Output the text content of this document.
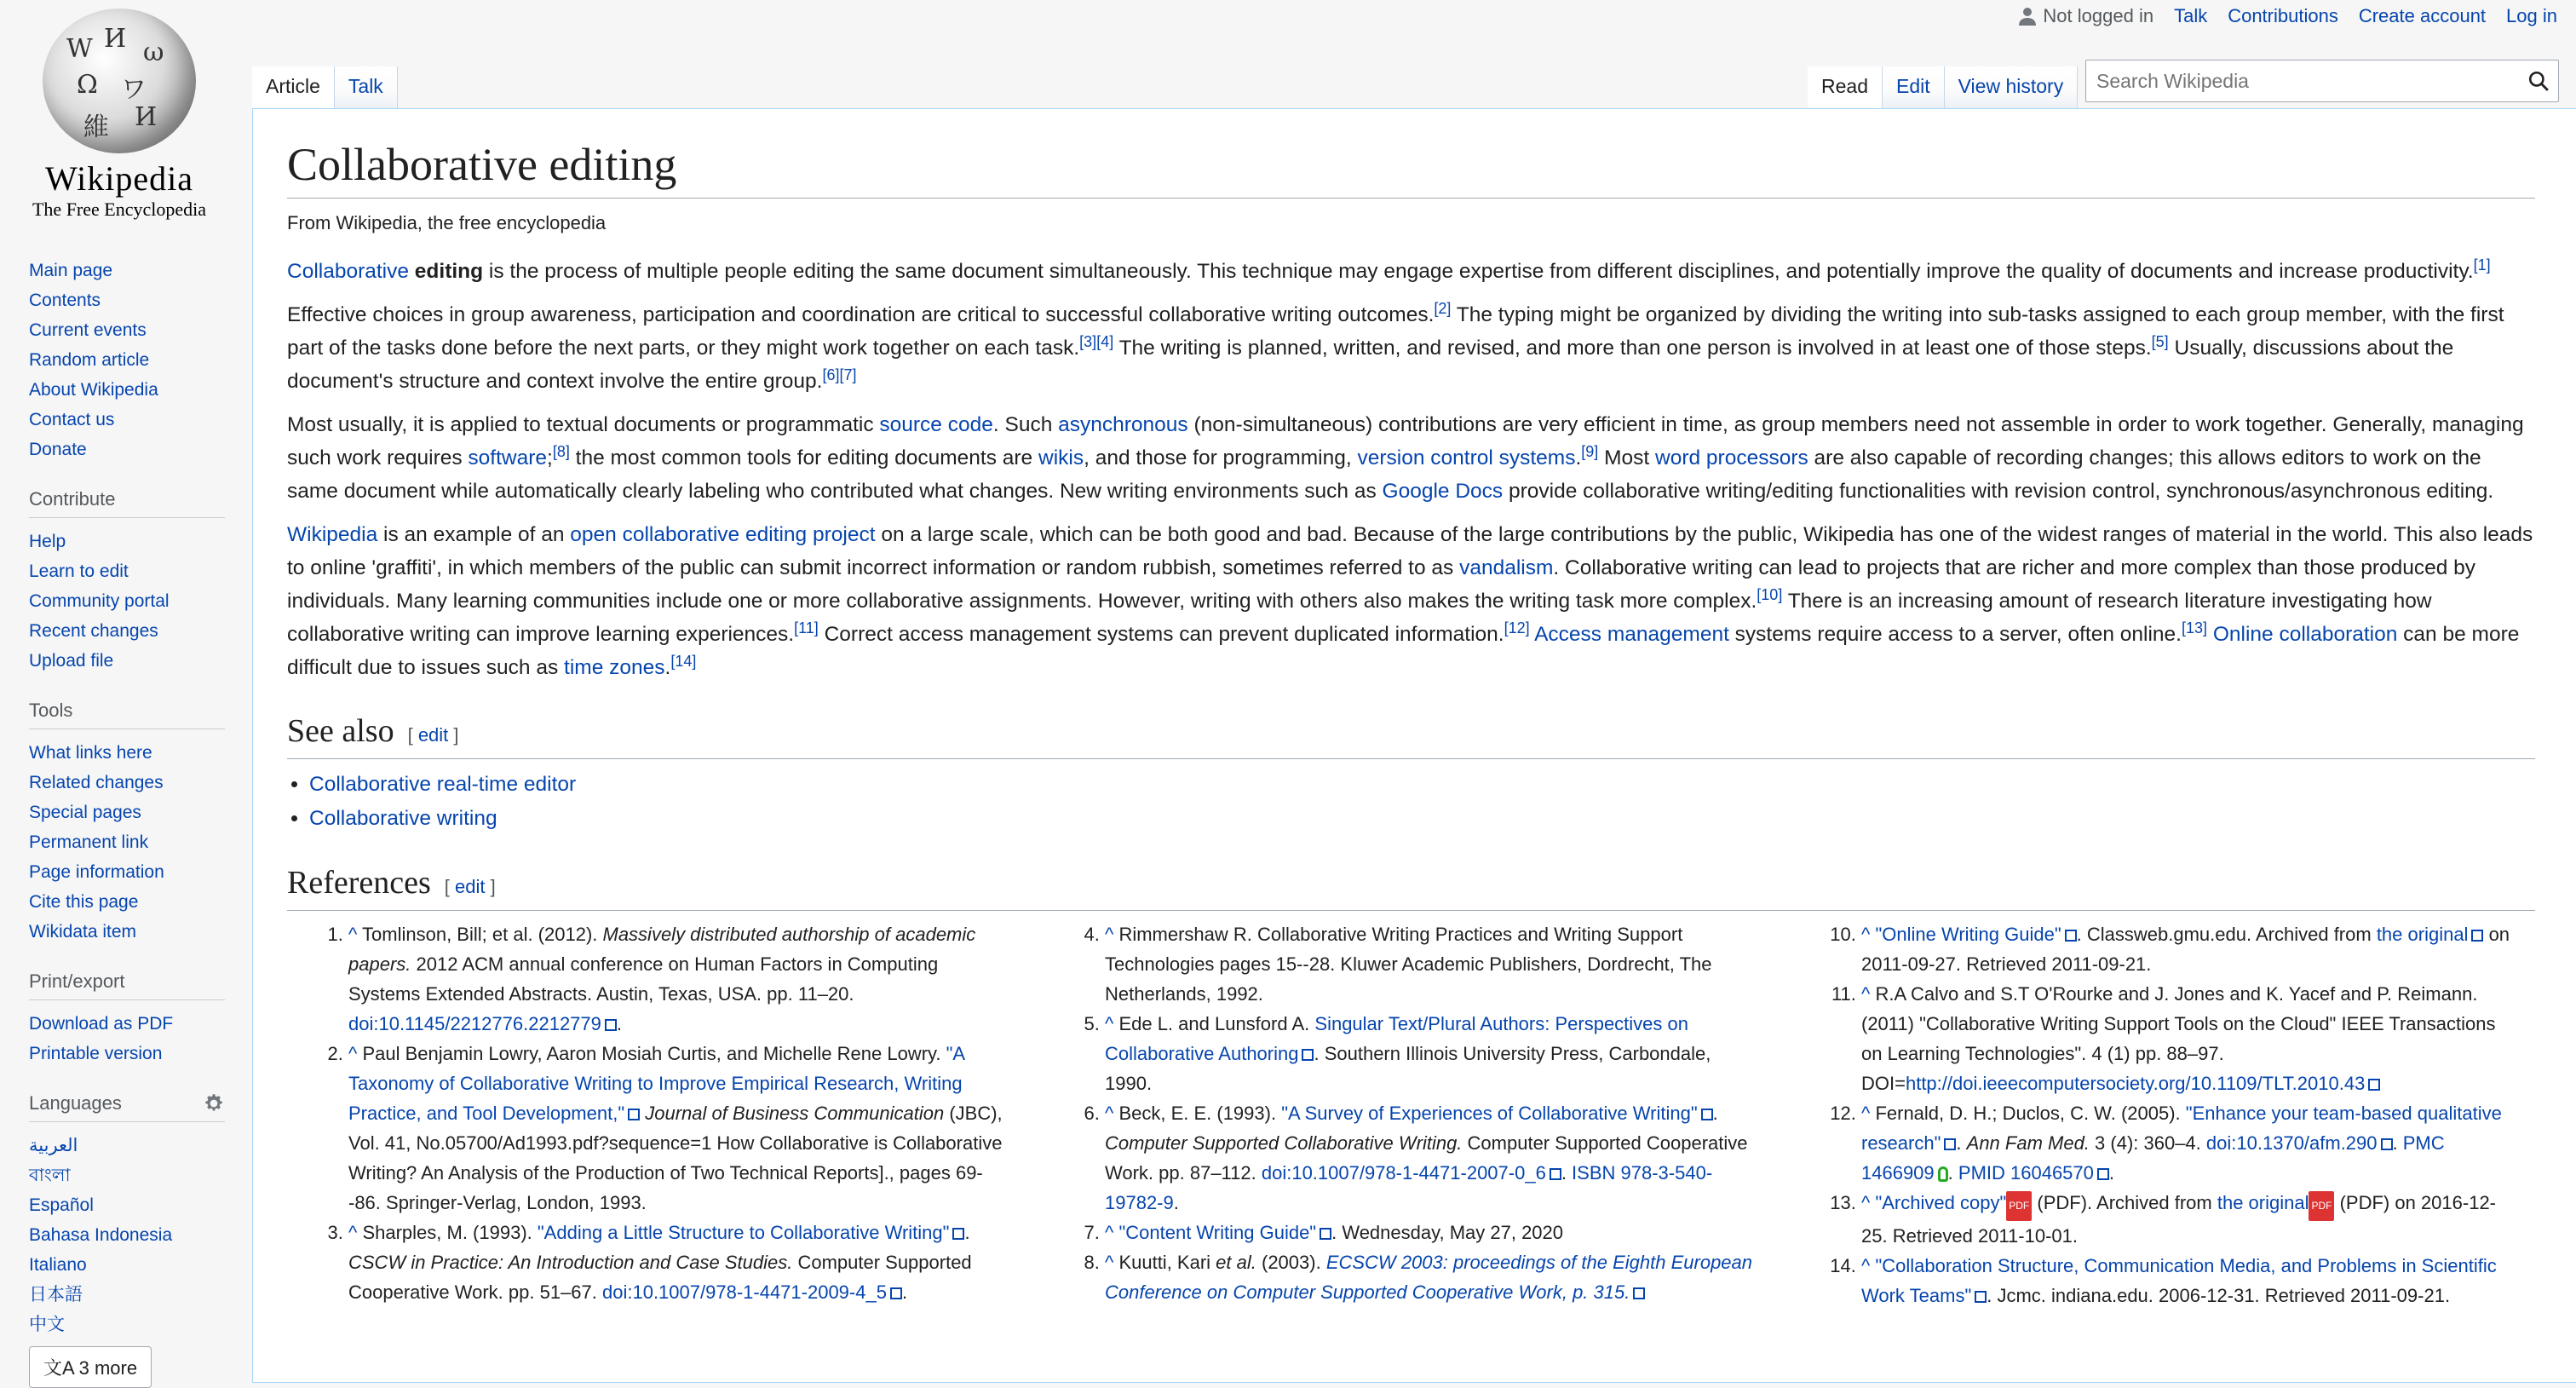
W И ω
Ω ワ
維 И
Wikipedia
The Free Encyclopedia
Main page
Contents
Current events
Random article
About Wikipedia
Contact us
Donate
Contribute
Help
Learn to edit
Community portal
Recent changes
Upload file
Tools
What links here
Related changes
Special pages
Permanent link
Page information
Cite this page
Wikidata item
Print/export
Download as PDF
Printable version
Languages
العربية
বাংলা
Español
Bahasa Indonesia
Italiano
日本語
中文
文A 3 more
Not logged in Talk Contributions Create account Log in
Article	Talk	Read	Edit	View history
Search Wikipedia
Collaborative editing
From Wikipedia, the free encyclopedia

Collaborative editing is the process of multiple people editing the same document simultaneously. This technique may engage expertise from different disciplines, and potentially improve the quality of documents and increase productivity.[1]

Effective choices in group awareness, participation and coordination are critical to successful collaborative writing outcomes.[2] The typing might be organized by dividing the writing into sub-tasks assigned to each group member, with the first part of the tasks done before the next parts, or they might work together on each task.[3][4] The writing is planned, written, and revised, and more than one person is involved in at least one of those steps.[5] Usually, discussions about the document's structure and context involve the entire group.[6][7]

Most usually, it is applied to textual documents or programmatic source code. Such asynchronous (non-simultaneous) contributions are very efficient in time, as group members need not assemble in order to work together. Generally, managing such work requires software;[8] the most common tools for editing documents are wikis, and those for programming, version control systems.[9] Most word processors are also capable of recording changes; this allows editors to work on the same document while automatically clearly labeling who contributed what changes. New writing environments such as Google Docs provide collaborative writing/editing functionalities with revision control, synchronous/asynchronous editing.

Wikipedia is an example of an open collaborative editing project on a large scale, which can be both good and bad. Because of the large contributions by the public, Wikipedia has one of the widest ranges of material in the world. This also leads to online 'graffiti', in which members of the public can submit incorrect information or random rubbish, sometimes referred to as vandalism. Collaborative writing can lead to projects that are richer and more complex than those produced by individuals. Many learning communities include one or more collaborative assignments. However, writing with others also makes the writing task more complex.[10] There is an increasing amount of research literature investigating how collaborative writing can improve learning experiences.[11] Correct access management systems can prevent duplicated information.[12] Access management systems require access to a server, often online.[13] Online collaboration can be more difficult due to issues such as time zones.[14]

See also [ edit ]
• Collaborative real-time editor
• Collaborative writing
References [ edit ]
1. ^ Tomlinson, Bill; et al. (2012). Massively distributed authorship of academic papers. 2012 ACM annual conference on Human Factors in Computing Systems Extended Abstracts. Austin, Texas, USA. pp. 11–20. doi:10.1145/2212776.2212779 .
2. ^ Paul Benjamin Lowry, Aaron Mosiah Curtis, and Michelle Rene Lowry. "A Taxonomy of Collaborative Writing to Improve Empirical Research, Writing Practice, and Tool Development," Journal of Business Communication (JBC), Vol. 41, No.05700/Ad1993.pdf?sequence=1 How Collaborative is Collaborative Writing? An Analysis of the Production of Two Technical Reports]., pages 69--86. Springer-Verlag, London, 1993.
3. ^ Sharples, M. (1993). "Adding a Little Structure to Collaborative Writing" . CSCW in Practice: An Introduction and Case Studies. Computer Supported Cooperative Work. pp. 51–67. doi:10.1007/978-1-4471-2009-4_5 .
4. ^ Rimmershaw R. Collaborative Writing Practices and Writing Support Technologies pages 15--28. Kluwer Academic Publishers, Dordrecht, The Netherlands, 1992.
5. ^ Ede L. and Lunsford A. Singular Text/Plural Authors: Perspectives on Collaborative Authoring . Southern Illinois University Press, Carbondale, 1990.
6. ^ Beck, E. E. (1993). "A Survey of Experiences of Collaborative Writing" . Computer Supported Collaborative Writing. Computer Supported Cooperative Work. pp. 87–112. doi:10.1007/978-1-4471-2007-0_6 . ISBN 978-3-540-19782-9.
7. ^ "Content Writing Guide" . Wednesday, May 27, 2020
8. ^ Kuutti, Kari et al. (2003). ECSCW 2003: proceedings of the Eighth European Conference on Computer Supported Cooperative Work, p. 315.
10. ^ "Online Writing Guide" . Classweb.gmu.edu. Archived from the original on 2011-09-27. Retrieved 2011-09-21.
11. ^ R.A Calvo and S.T O'Rourke and J. Jones and K. Yacef and P. Reimann. (2011) "Collaborative Writing Support Tools on the Cloud" IEEE Transactions on Learning Technologies". 4 (1) pp. 88–97. DOI=http://doi.ieeecomputersociety.org/10.1109/TLT.2010.43
12. ^ Fernald, D. H.; Duclos, C. W. (2005). "Enhance your team-based qualitative research" . Ann Fam Med. 3 (4): 360–4. doi:10.1370/afm.290 . PMC 1466909 . PMID 16046570 .
13. ^ "Archived copy" PDF (PDF). Archived from the original PDF (PDF) on 2016-12-25. Retrieved 2011-10-01.
14. ^ "Collaboration Structure, Communication Media, and Problems in Scientific Work Teams" . Jcmc. indiana.edu. 2006-12-31. Retrieved 2011-09-21.
